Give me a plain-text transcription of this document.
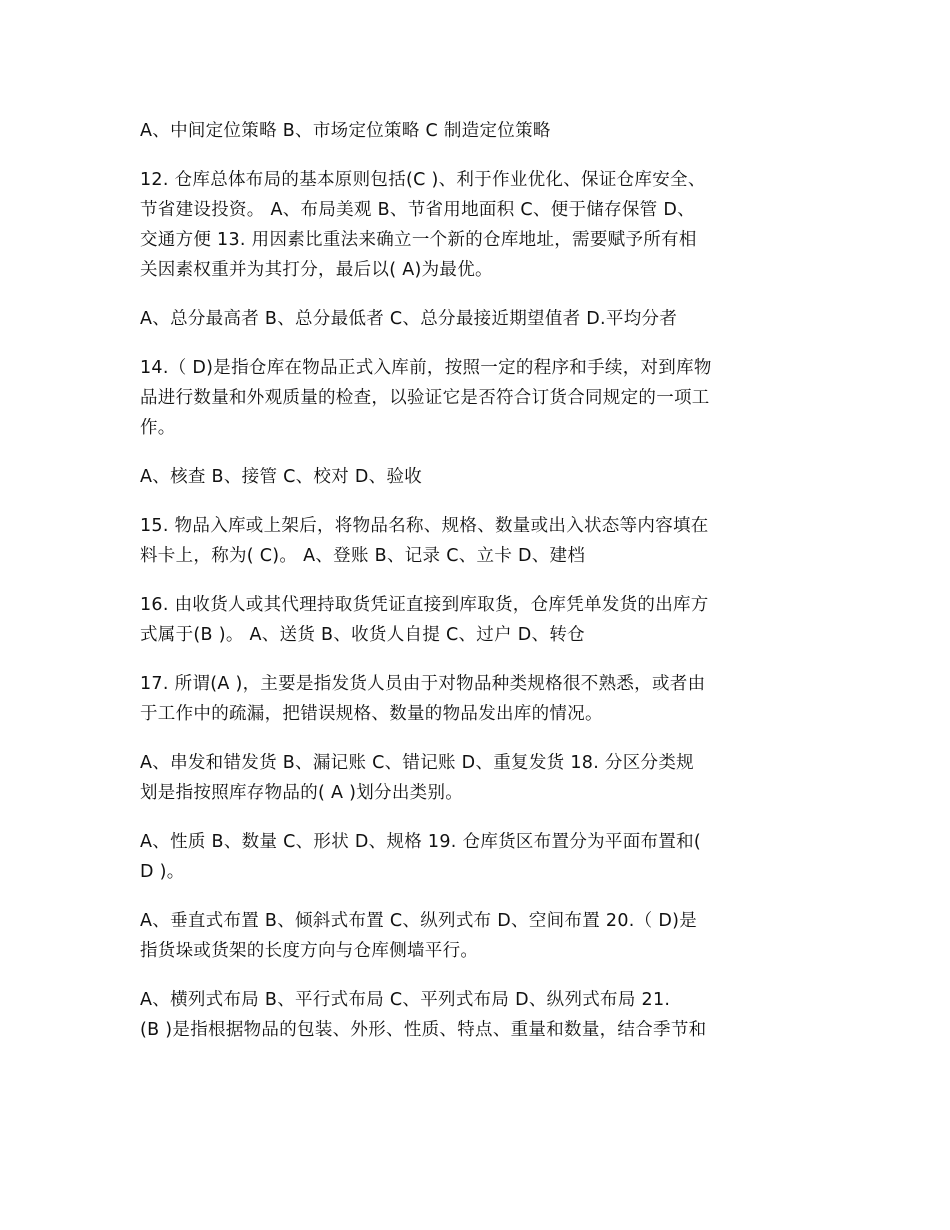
A、中间定位策略 B、市场定位策略 C 制造定位策略

12. 仓库总体布局的基本原则包括(C )、利于作业优化、保证仓库安全、
节省建设投资。 A、布局美观 B、节省用地面积 C、便于储存保管 D、
交通方便 13. 用因素比重法来确立一个新的仓库地址，需要赋予所有相
关因素权重并为其打分，最后以( A)为最优。

A、总分最高者 B、总分最低者 C、总分最接近期望值者 D.平均分者

14.（ D)是指仓库在物品正式入库前，按照一定的程序和手续，对到库物
品进行数量和外观质量的检查，以验证它是否符合订货合同规定的一项工
作。

A、核查 B、接管 C、校对 D、验收

15. 物品入库或上架后，将物品名称、规格、数量或出入状态等内容填在
料卡上，称为( C)。 A、登账 B、记录 C、立卡 D、建档

16. 由收货人或其代理持取货凭证直接到库取货，仓库凭单发货的出库方
式属于(B )。 A、送货 B、收货人自提 C、过户 D、转仓

17. 所谓(A )，主要是指发货人员由于对物品种类规格很不熟悉，或者由
于工作中的疏漏，把错误规格、数量的物品发出库的情况。

A、串发和错发货 B、漏记账 C、错记账 D、重复发货 18. 分区分类规
划是指按照库存物品的( A )划分出类别。

A、性质 B、数量 C、形状 D、规格 19. 仓库货区布置分为平面布置和(
D )。

A、垂直式布置 B、倾斜式布置 C、纵列式布 D、空间布置 20.（ D)是
指货垛或货架的长度方向与仓库侧墙平行。

A、横列式布局 B、平行式布局 C、平列式布局 D、纵列式布局 21.
(B )是指根据物品的包装、外形、性质、特点、重量和数量，结合季节和
